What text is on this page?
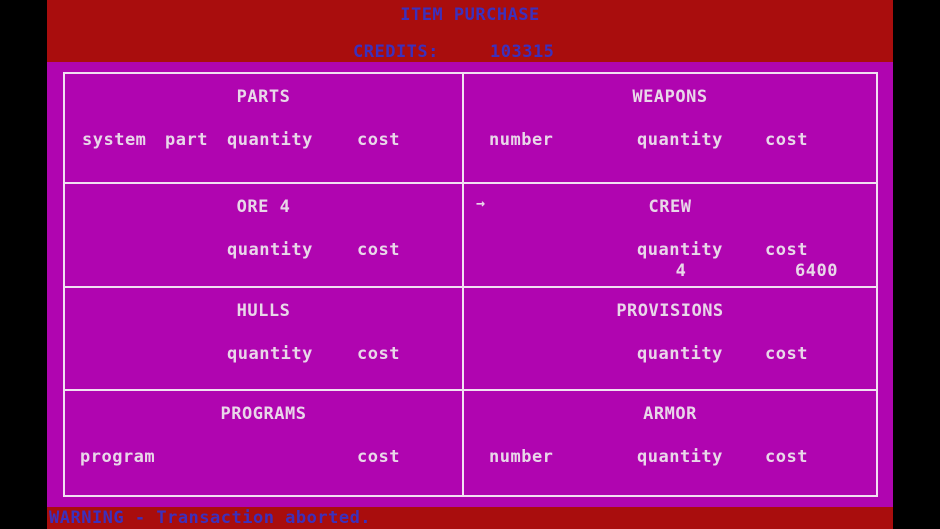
ITEM PURCHASE
CREDITS:	103315
PARTS
system part quantity	cost
WEAPONS
number	quantity cost
ORE 4
quantity	cost
→	CREW
quantity cost
4	6400
HULLS
quantity	cost
PROVISIONS
quantity cost
PROGRAMS
program	cost
ARMOR
number	quantity cost
WARNING - Transaction aborted.
